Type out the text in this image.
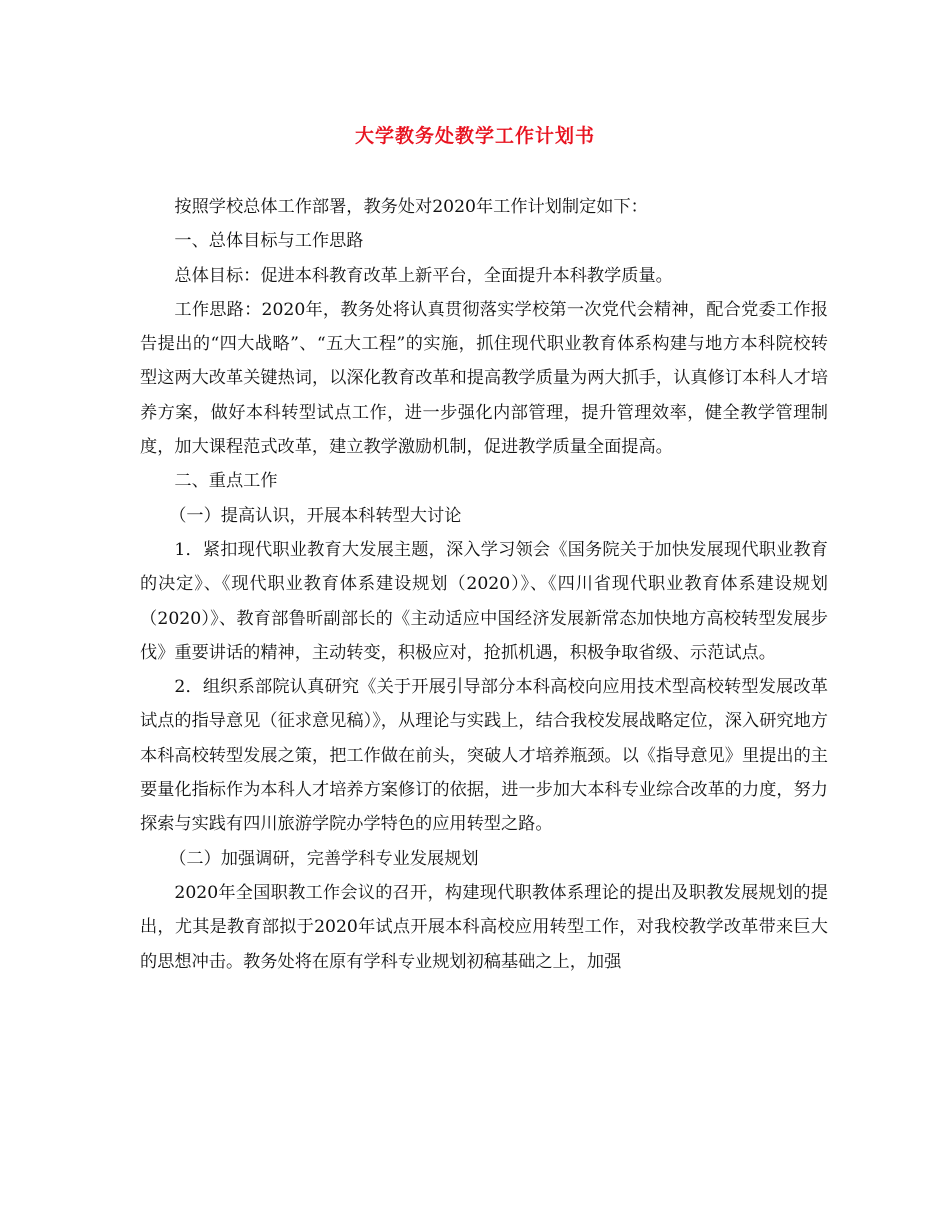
大学教务处教学工作计划书

按照学校总体工作部署，教务处对2020年工作计划制定如下：

一、总体目标与工作思路

总体目标：促进本科教育改革上新平台，全面提升本科教学质量。

工作思路：2020年，教务处将认真贯彻落实学校第一次党代会精神，配合党委工作报告提出的“四大战略”、“五大工程”的实施，抓住现代职业教育体系构建与地方本科院校转型这两大改革关键热词，以深化教育改革和提高教学质量为两大抓手，认真修订本科人才培养方案，做好本科转型试点工作，进一步强化内部管理，提升管理效率，健全教学管理制度，加大课程范式改革，建立教学激励机制，促进教学质量全面提高。

二、重点工作

（一）提高认识，开展本科转型大讨论

1．紧扣现代职业教育大发展主题，深入学习领会《国务院关于加快发展现代职业教育的决定》、《现代职业教育体系建设规划（2020）》、《四川省现代职业教育体系建设规划（2020）》、教育部鲁昕副部长的《主动适应中国经济发展新常态加快地方高校转型发展步伐》重要讲话的精神，主动转变，积极应对，抢抓机遇，积极争取省级、示范试点。

2．组织系部院认真研究《关于开展引导部分本科高校向应用技术型高校转型发展改革试点的指导意见（征求意见稿）》，从理论与实践上，结合我校发展战略定位，深入研究地方本科高校转型发展之策，把工作做在前头，突破人才培养瓶颈。以《指导意见》里提出的主要量化指标作为本科人才培养方案修订的依据，进一步加大本科专业综合改革的力度，努力探索与实践有四川旅游学院办学特色的应用转型之路。

（二）加强调研，完善学科专业发展规划

2020年全国职教工作会议的召开，构建现代职教体系理论的提出及职教发展规划的提出，尤其是教育部拟于2020年试点开展本科高校应用转型工作，对我校教学改革带来巨大的思想冲击。教务处将在原有学科专业规划初稿基础之上，加强
